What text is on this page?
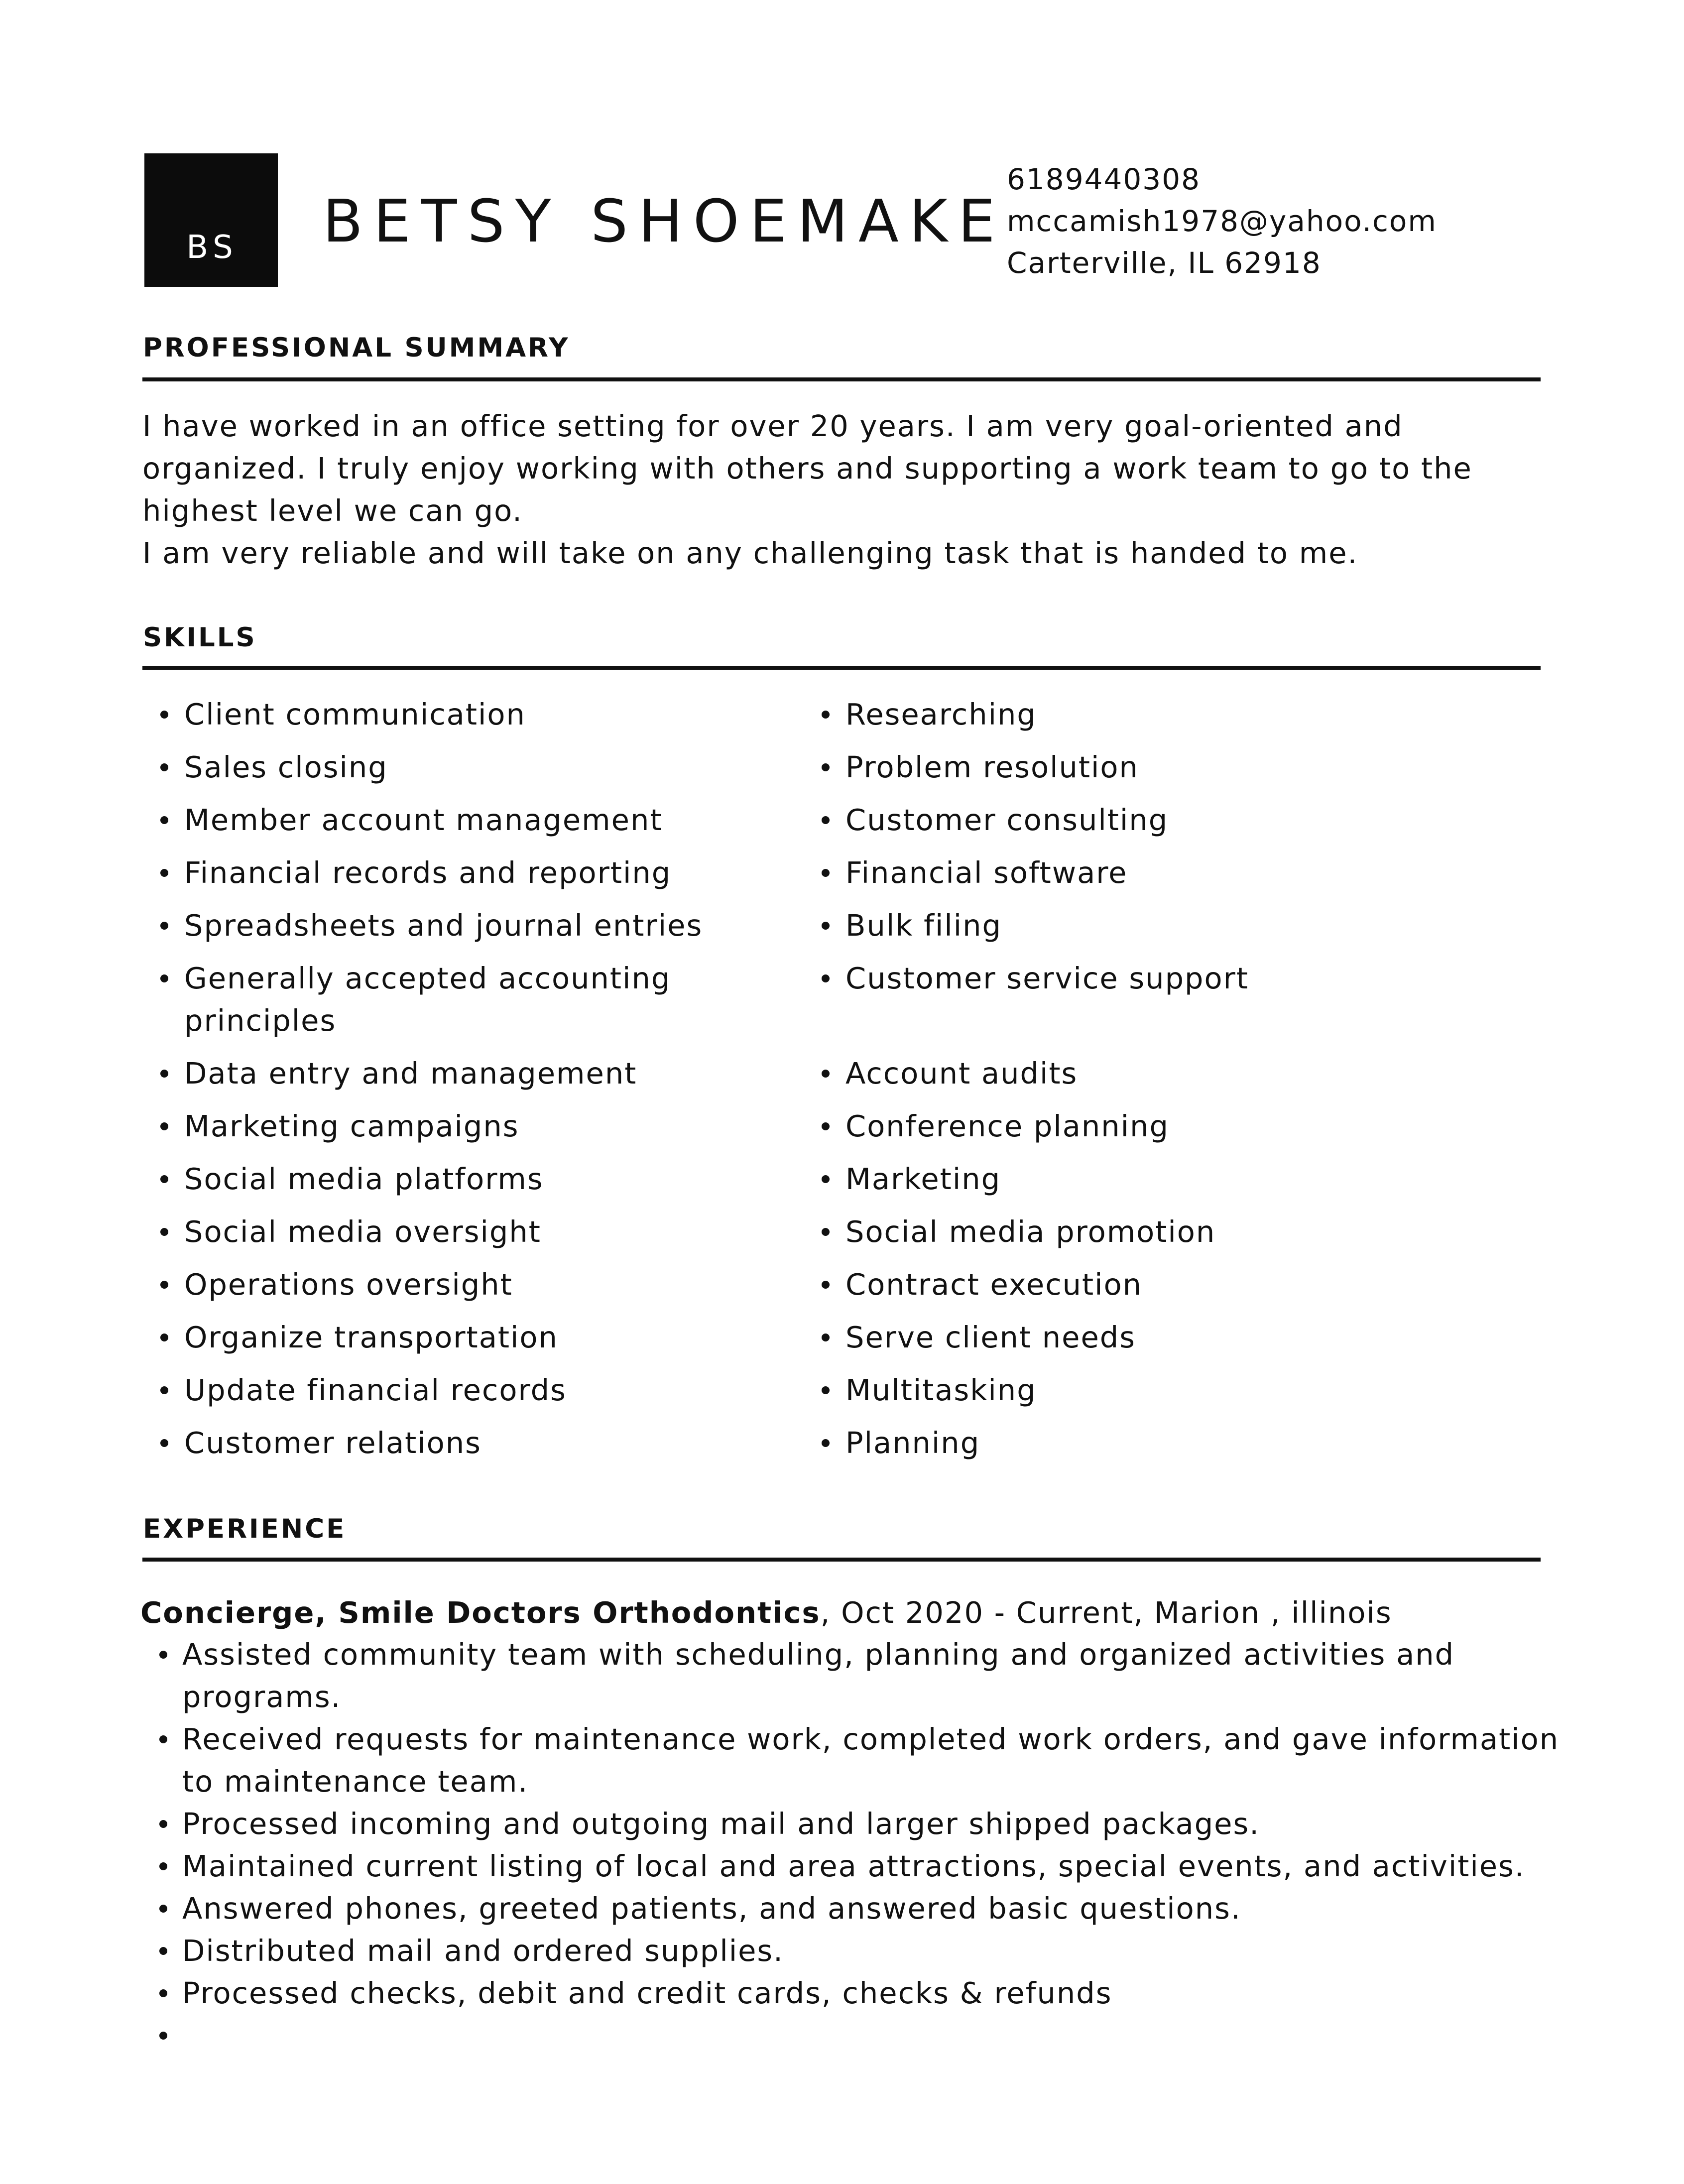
BS BETSY SHOEMAKE
6189440308
mccamish1978@yahoo.com
Carterville, IL 62918
PROFESSIONAL SUMMARY

I have worked in an office setting for over 20 years. I am very goal-oriented and organized. I truly enjoy working with others and supporting a work team to go to the highest level we can go.

I am very reliable and will take on any challenging task that is handed to me.

SKILLS
Client communication
Sales closing
Member account management
Financial records and reporting
Spreadsheets and journal entries
Generally accepted accounting principles
Data entry and management
Marketing campaigns
Social media platforms
Social media oversight
Operations oversight
Organize transportation
Update financial records
Customer relations
Researching
Problem resolution
Customer consulting
Financial software
Bulk filing
Customer service support
Account audits
Conference planning
Marketing
Social media promotion
Contract execution
Serve client needs
Multitasking
Planning
EXPERIENCE
Concierge, Smile Doctors Orthodontics, Oct 2020 - Current, Marion , illinois
Assisted community team with scheduling, planning and organized activities and programs.
Received requests for maintenance work, completed work orders, and gave information to maintenance team.
Processed incoming and outgoing mail and larger shipped packages.
Maintained current listing of local and area attractions, special events, and activities.
Answered phones, greeted patients, and answered basic questions.
Distributed mail and ordered supplies.
Processed checks, debit and credit cards, checks & refunds
